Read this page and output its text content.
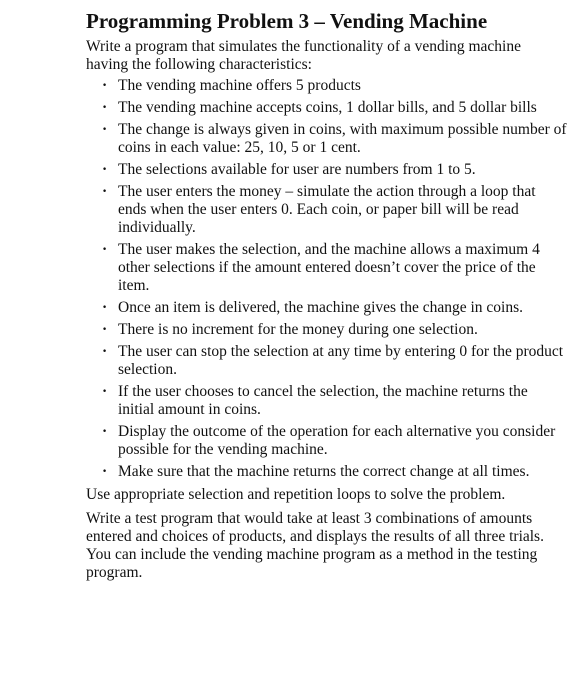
Programming Problem 3 – Vending Machine

Write a program that simulates the functionality of a vending machine having the following characteristics:

· The vending machine offers 5 products
· The vending machine accepts coins, 1 dollar bills, and 5 dollar bills
· The change is always given in coins, with maximum possible number of coins in each value: 25, 10, 5 or 1 cent.
· The selections available for user are numbers from 1 to 5.
· The user enters the money – simulate the action through a loop that ends when the user enters 0. Each coin, or paper bill will be read individually.
· The user makes the selection, and the machine allows a maximum 4 other selections if the amount entered doesn’t cover the price of the item.
· Once an item is delivered, the machine gives the change in coins.
· There is no increment for the money during one selection.
· The user can stop the selection at any time by entering 0 for the product selection.
· If the user chooses to cancel the selection, the machine returns the initial amount in coins.
· Display the outcome of the operation for each alternative you consider possible for the vending machine.
· Make sure that the machine returns the correct change at all times.

Use appropriate selection and repetition loops to solve the problem.

Write a test program that would take at least 3 combinations of amounts entered and choices of products, and displays the results of all three trials. You can include the vending machine program as a method in the testing program.
